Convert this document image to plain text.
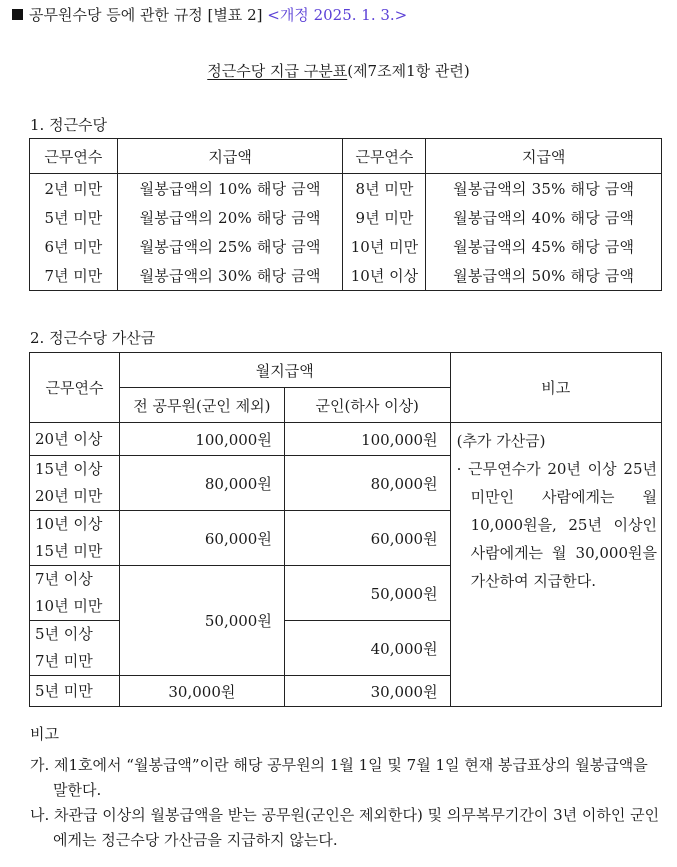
공무원수당 등에 관한 규정 [별표 2] <개정 2025. 1. 3.>
정근수당 지급 구분표(제7조제1항 관련)
1. 정근수당
근무연수	지급액	근무연수	지급액
2년 미만	월봉급액의 10% 해당 금액	8년 미만	월봉급액의 35% 해당 금액
5년 미만	월봉급액의 20% 해당 금액	9년 미만	월봉급액의 40% 해당 금액
6년 미만	월봉급액의 25% 해당 금액	10년 미만	월봉급액의 45% 해당 금액
7년 미만	월봉급액의 30% 해당 금액	10년 이상	월봉급액의 50% 해당 금액
2. 정근수당 가산금
근무연수	월지급액		비고
	전 공무원(군인 제외)	군인(하사 이상)	
20년 이상	100,000원	100,000원	(추가 가산금)
· 근무연수가 20년 이상 25년 미만인 사람에게는 월 10,000원을, 25년 이상인 사람에게는 월 30,000원을 가산하여 지급한다.

15년 이상
20년 미만	80,000원	80,000원	

10년 이상
15년 미만	60,000원	60,000원	

7년 이상
10년 미만	50,000원	50,000원	

5년 이상
7년 미만		40,000원	
5년 미만	30,000원	30,000원	
비고
가. 제1호에서 “월봉급액”이란 해당 공무원의 1월 1일 및 7월 1일 현재 봉급표상의 월봉급액을 말한다.
나. 차관급 이상의 월봉급액을 받는 공무원(군인은 제외한다) 및 의무복무기간이 3년 이하인 군인에게는 정근수당 가산금을 지급하지 않는다.
